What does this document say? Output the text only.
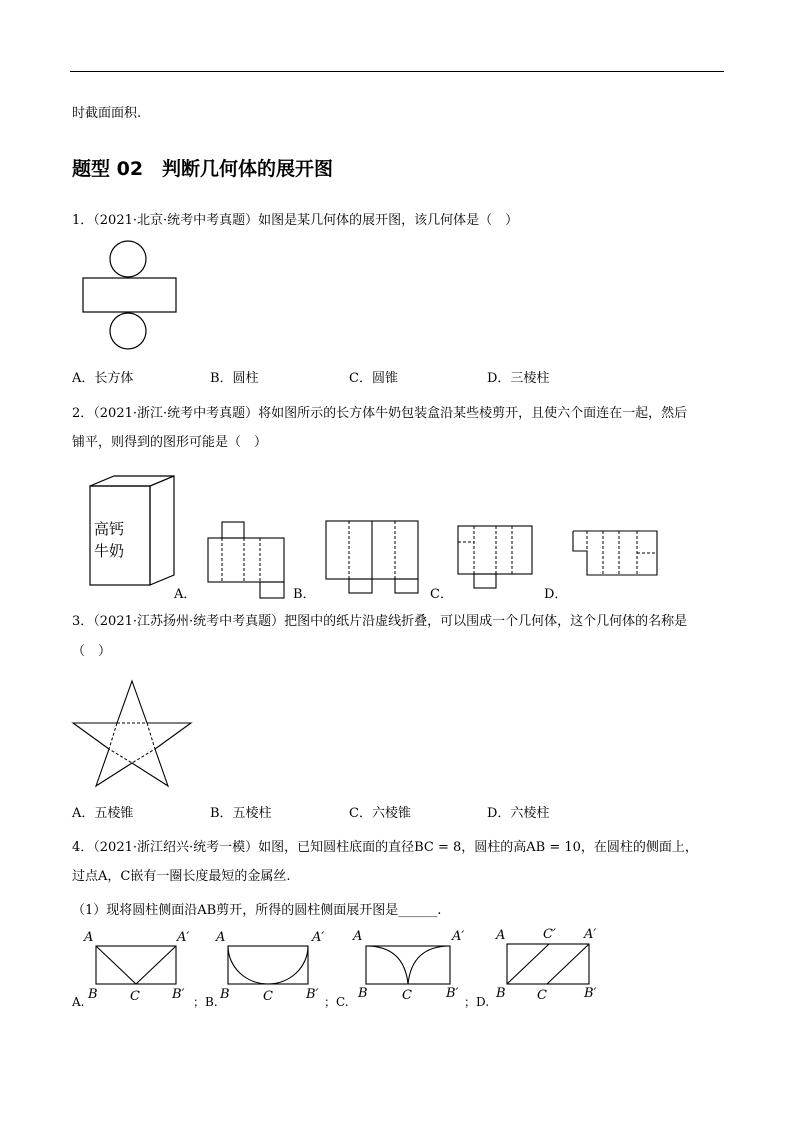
时截面面积.
题型 02　判断几何体的展开图
1．（2021·北京·统考中考真题）如图是某几何体的展开图，该几何体是（　）
A．长方体	B．圆柱	C．圆锥	D．三棱柱
2．（2021·浙江·统考中考真题）将如图所示的长方体牛奶包装盒沿某些棱剪开，且使六个面连在一起，然后
铺平，则得到的图形可能是（　）
高钙
牛奶
A．	B．	C．	D．
3．（2021·江苏扬州·统考中考真题）把图中的纸片沿虚线折叠，可以围成一个几何体，这个几何体的名称是
（　）
A．五棱锥	B．五棱柱	C．六棱锥	D．六棱柱
4．（2021·浙江绍兴·统考一模）如图，已知圆柱底面的直径BC = 8，圆柱的高AB = 10，在圆柱的侧面上，
过点A，C嵌有一圈长度最短的金属丝.
（1）现将圆柱侧面沿AB剪开，所得的圆柱侧面展开图是______.
A	A′
B C B′
A.
A	A′
B	C	B′
；B.
A	A′
B	C	B′
；C.
A	C′ A′
B C	B′
；D.
